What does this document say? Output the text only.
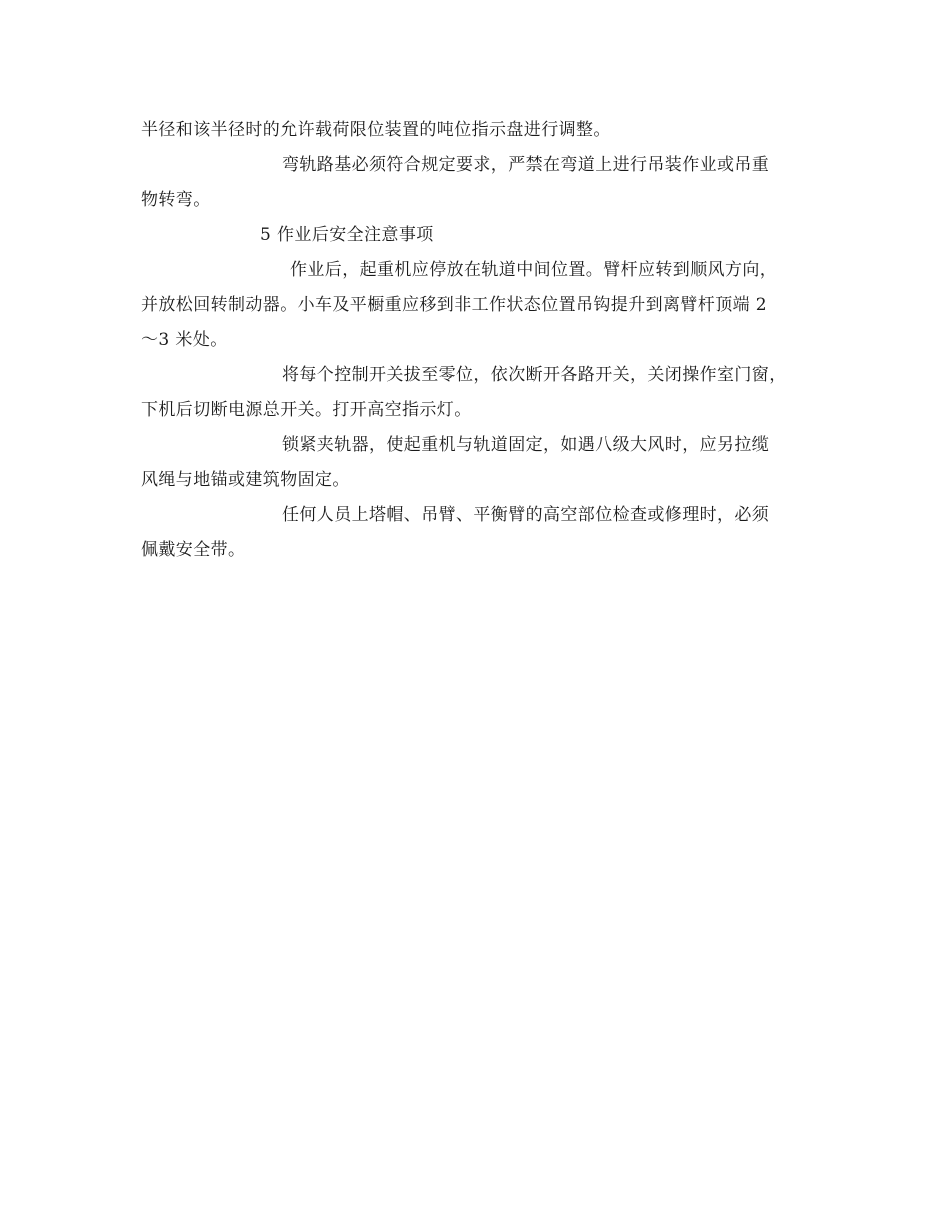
半径和该半径时的允许载荷限位装置的吨位指示盘进行调整。
弯轨路基必须符合规定要求，严禁在弯道上进行吊装作业或吊重
物转弯。
5 作业后安全注意事项
作业后，起重机应停放在轨道中间位置。臂杆应转到顺风方向，
并放松回转制动器。小车及平橱重应移到非工作状态位置吊钩提升到离臂杆顶端 2
～3 米处。
将每个控制开关拔至零位，依次断开各路开关，关闭操作室门窗，
下机后切断电源总开关。打开高空指示灯。
锁紧夹轨器，使起重机与轨道固定，如遇八级大风时，应另拉缆
风绳与地锚或建筑物固定。
任何人员上塔帽、吊臂、平衡臂的高空部位检查或修理时，必须
佩戴安全带。
